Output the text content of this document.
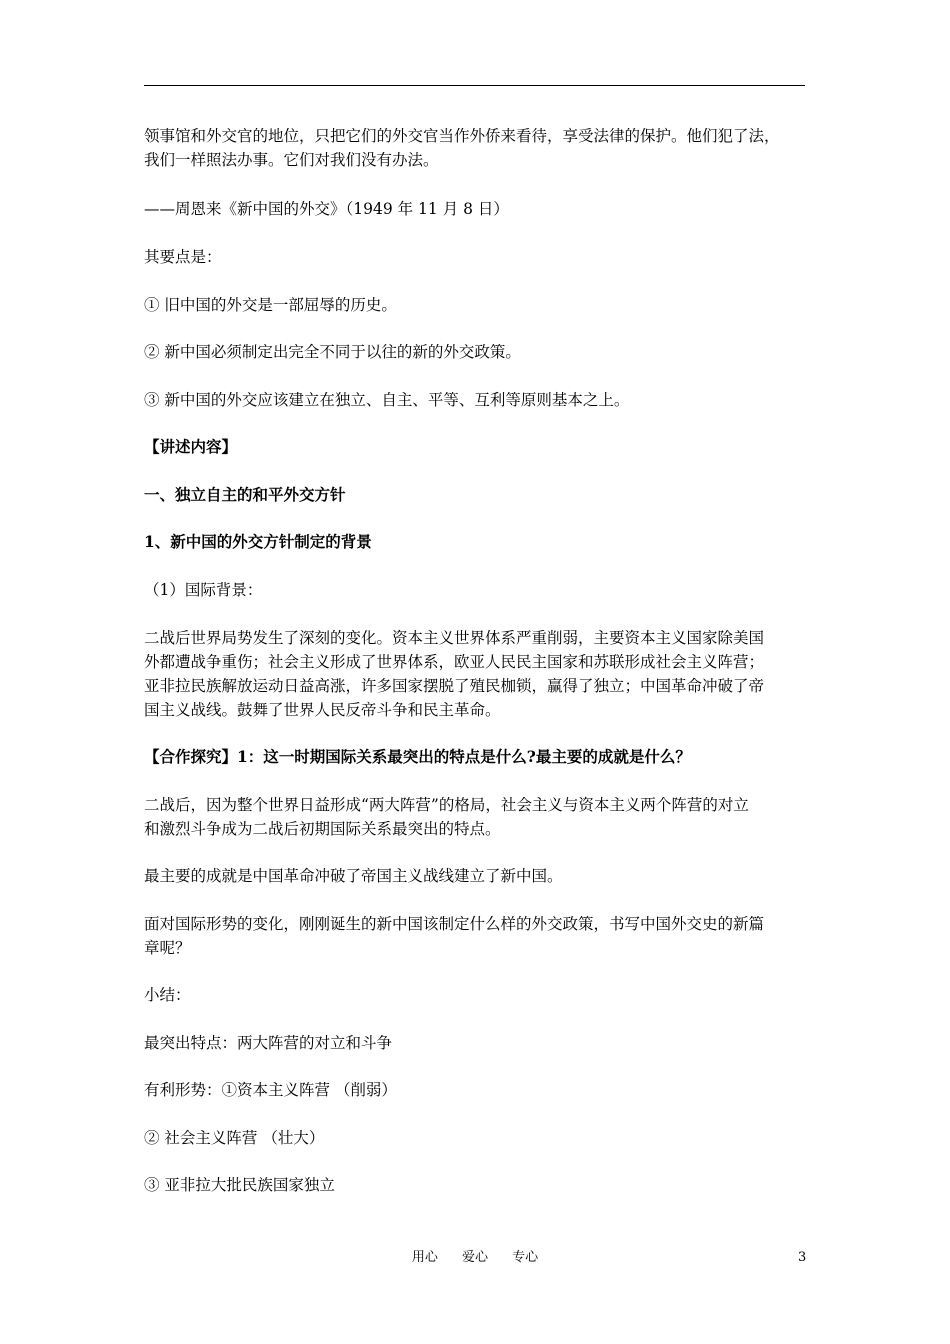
领事馆和外交官的地位，只把它们的外交官当作外侨来看待，享受法律的保护。他们犯了法，
我们一样照法办事。它们对我们没有办法。
——周恩来《新中国的外交》（1949 年 11 月 8 日）
其要点是：
① 旧中国的外交是一部屈辱的历史。
② 新中国必须制定出完全不同于以往的新的外交政策。
③ 新中国的外交应该建立在独立、自主、平等、互利等原则基本之上。
【讲述内容】
一、独立自主的和平外交方针
1、新中国的外交方针制定的背景
（1）国际背景：
二战后世界局势发生了深刻的变化。资本主义世界体系严重削弱，主要资本主义国家除美国
外都遭战争重伤；社会主义形成了世界体系，欧亚人民民主国家和苏联形成社会主义阵营；
亚非拉民族解放运动日益高涨，许多国家摆脱了殖民枷锁，赢得了独立；中国革命冲破了帝
国主义战线。鼓舞了世界人民反帝斗争和民主革命。
【合作探究】1：这一时期国际关系最突出的特点是什么?最主要的成就是什么？
二战后，因为整个世界日益形成“两大阵营”的格局，社会主义与资本主义两个阵营的对立
和激烈斗争成为二战后初期国际关系最突出的特点。
最主要的成就是中国革命冲破了帝国主义战线建立了新中国。
面对国际形势的变化，刚刚诞生的新中国该制定什么样的外交政策，书写中国外交史的新篇
章呢？
小结：
最突出特点：两大阵营的对立和斗争
有利形势：①资本主义阵营 （削弱）
② 社会主义阵营 （壮大）
③ 亚非拉大批民族国家独立
用心 爱心 专心	3
